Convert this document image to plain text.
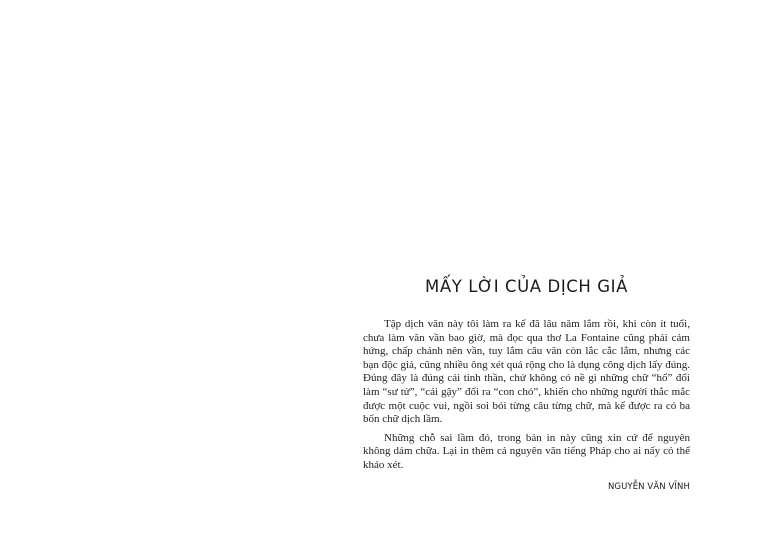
MẤY LỜI CỦA DỊCH GIẢ

Tập dịch văn này tôi làm ra kể đã lâu năm lắm rồi, khi còn ít tuổi, chưa làm văn vần bao giờ, mà đọc qua thơ La Fontaine cũng phải cảm hứng, chấp chánh nên vần, tuy lắm câu văn còn lắc cắc lắm, nhưng các bạn độc giả, cũng nhiều ông xét quá rộng cho là dụng công dịch lấy đúng. Đúng đây là đúng cái tinh thần, chứ không có nề gì những chữ “hổ” đổi làm “sư tử”, “cái gậy” đổi ra “con chó”, khiến cho những người thắc mắc được một cuộc vui, ngồi soi bói từng câu từng chữ, mà kể được ra có ba bốn chữ dịch lầm.

Những chỗ sai lầm đó, trong bản in này cũng xin cứ để nguyên không dám chữa. Lại in thêm cả nguyên văn tiếng Pháp cho ai nấy cỏ thể khảo xét.

NGUYỄN VĂN VĨNH
